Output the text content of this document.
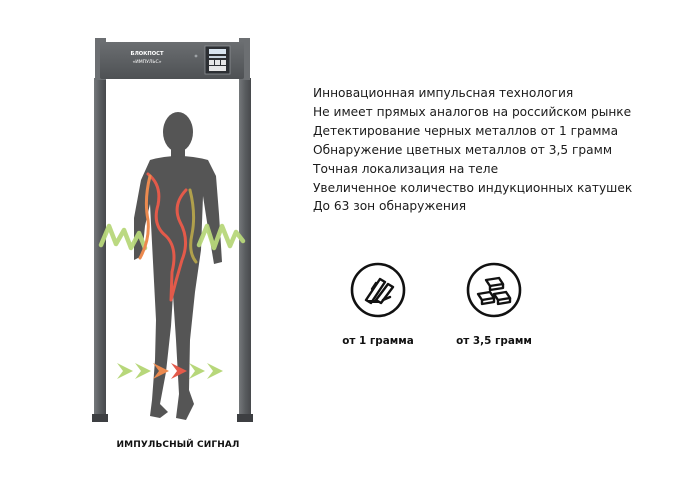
БЛОКПОСТ
«ИМПУЛЬС»
ИМПУЛЬСНЫЙ СИГНАЛ
Инновационная импульсная технология
Не имеет прямых аналогов на российском рынке
Детектирование черных металлов от 1 грамма
Обнаружение цветных металлов от 3,5 грамм
Точная локализация на теле
Увеличенное количество индукционных катушек
До 63 зон обнаружения
от 1 грамма	от 3,5 грамм
